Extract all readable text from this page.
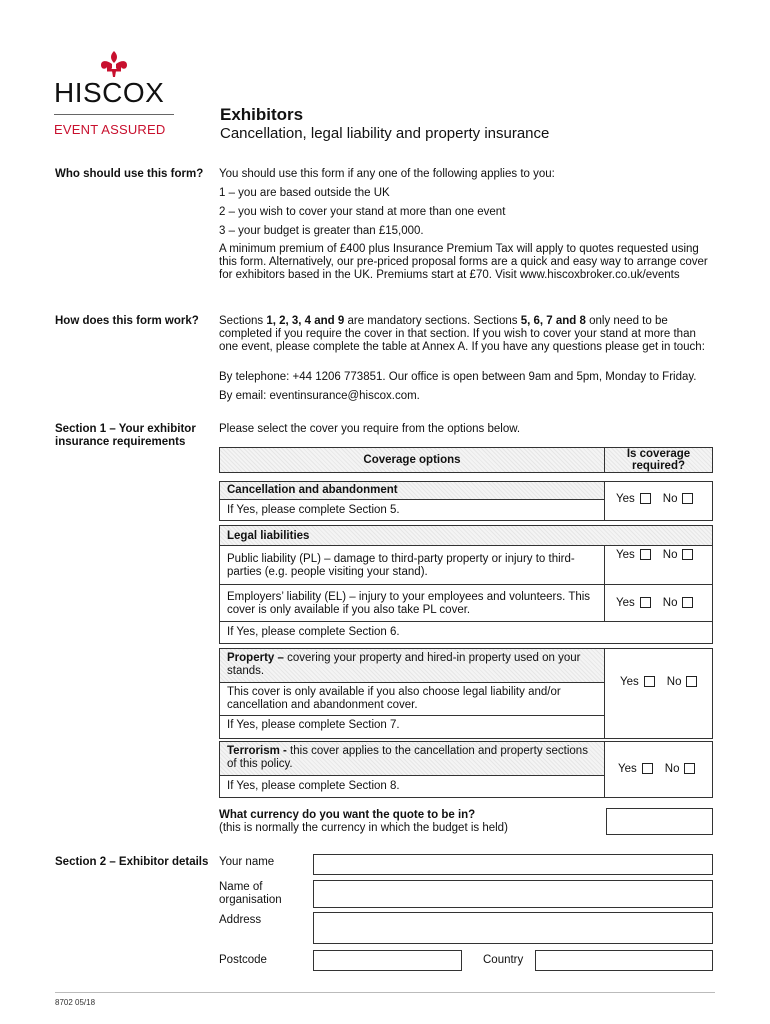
HISCOX
EVENT ASSURED
Exhibitors
Cancellation, legal liability and property insurance
Who should use this form? You should use this form if any one of the following applies to you:
1 – you are based outside the UK
2 – you wish to cover your stand at more than one event
3 – your budget is greater than £15,000.
A minimum premium of £400 plus Insurance Premium Tax will apply to quotes requested using this form. Alternatively, our pre-priced proposal forms are a quick and easy way to arrange cover for exhibitors based in the UK. Premiums start at £70. Visit www.hiscoxbroker.co.uk/events
How does this form work? Sections 1, 2, 3, 4 and 9 are mandatory sections. Sections 5, 6, 7 and 8 only need to be completed if you require the cover in that section. If you wish to cover your stand at more than one event, please complete the table at Annex A. If you have any questions please get in touch:
By telephone: +44 1206 773851. Our office is open between 9am and 5pm, Monday to Friday.
By email: eventinsurance@hiscox.com.
Section 1 – Your exhibitor insurance requirements
Please select the cover you require from the options below.
Coverage options	Is coverage required?
Cancellation and abandonment
If Yes, please complete Section 5.
Yes No
Legal liabilities
Public liability (PL) – damage to third-party property or injury to third-parties (e.g. people visiting your stand).
Yes No
Employers’ liability (EL) – injury to your employees and volunteers. This cover is only available if you also take PL cover.
Yes No
If Yes, please complete Section 6.
Property – covering your property and hired-in property used on your stands.
This cover is only available if you also choose legal liability and/or cancellation and abandonment cover.
If Yes, please complete Section 7.
Yes No
Terrorism - this cover applies to the cancellation and property sections of this policy.
If Yes, please complete Section 8.
Yes No
What currency do you want the quote to be in?
(this is normally the currency in which the budget is held)
Section 2 – Exhibitor details Your name
Name of organisation
Address
Postcode	Country
8702 05/18
